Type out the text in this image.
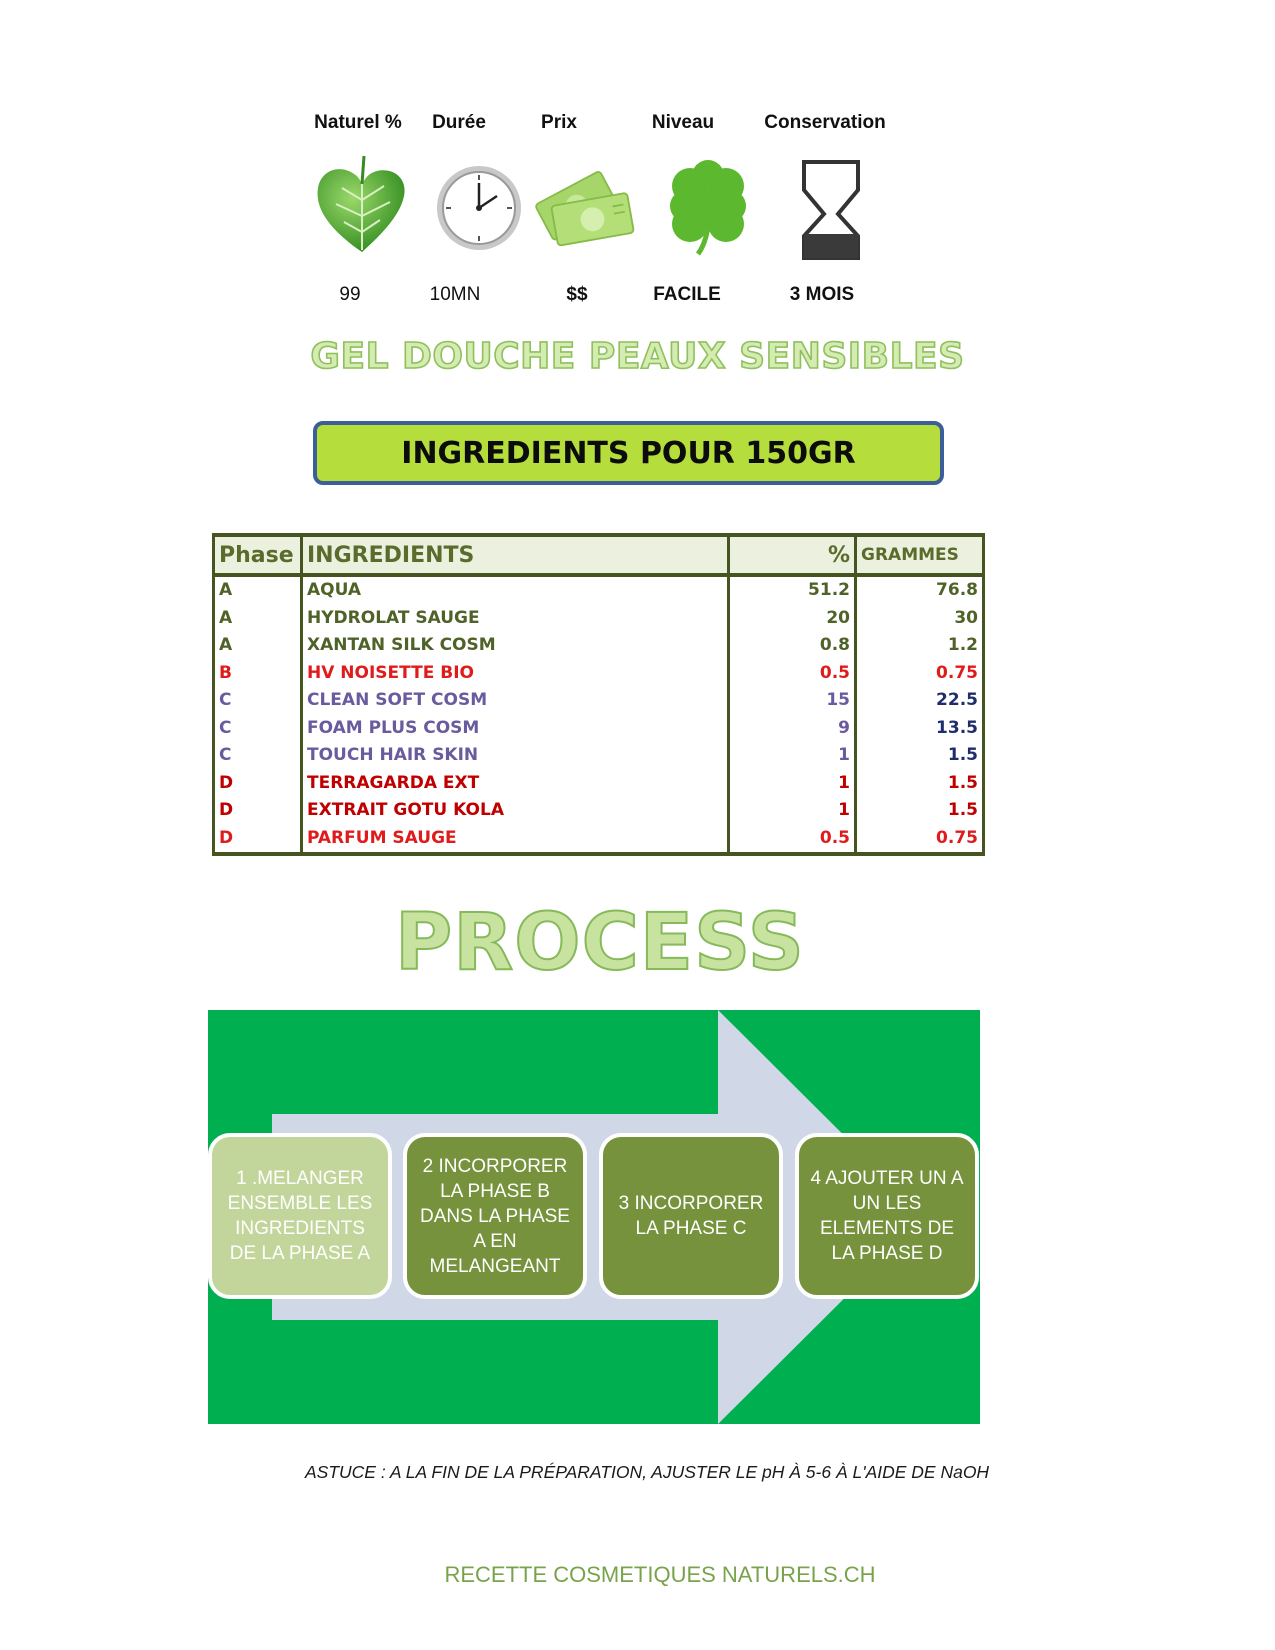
Naturel %	Durée	Prix	Niveau	Conservation
99	10MN	$$	FACILE	3 MOIS
GEL DOUCHE PEAUX SENSIBLES
INGREDIENTS POUR 150GR
Phase	INGREDIENTS	%	GRAMMES
A	AQUA	51.2	76.8
A	HYDROLAT SAUGE	20	30
A	XANTAN SILK COSM	0.8	1.2
B	HV NOISETTE BIO	0.5	0.75
C	CLEAN SOFT COSM	15	22.5
C	FOAM PLUS COSM	9	13.5
C	TOUCH HAIR SKIN	1	1.5
D	TERRAGARDA EXT	1	1.5
D	EXTRAIT GOTU KOLA	1	1.5
D	PARFUM SAUGE	0.5	0.75
PROCESS
1 .MELANGER
ENSEMBLE LES
INGREDIENTS
DE LA PHASE A
2 INCORPORER
LA PHASE B
DANS LA PHASE
A EN
MELANGEANT
3 INCORPORER
LA PHASE C
4 AJOUTER UN A
UN LES
ELEMENTS DE
LA PHASE D
ASTUCE : A LA FIN DE LA PRÉPARATION, AJUSTER LE pH À 5-6 À L'AIDE DE NaOH
RECETTE COSMETIQUES NATURELS.CH
